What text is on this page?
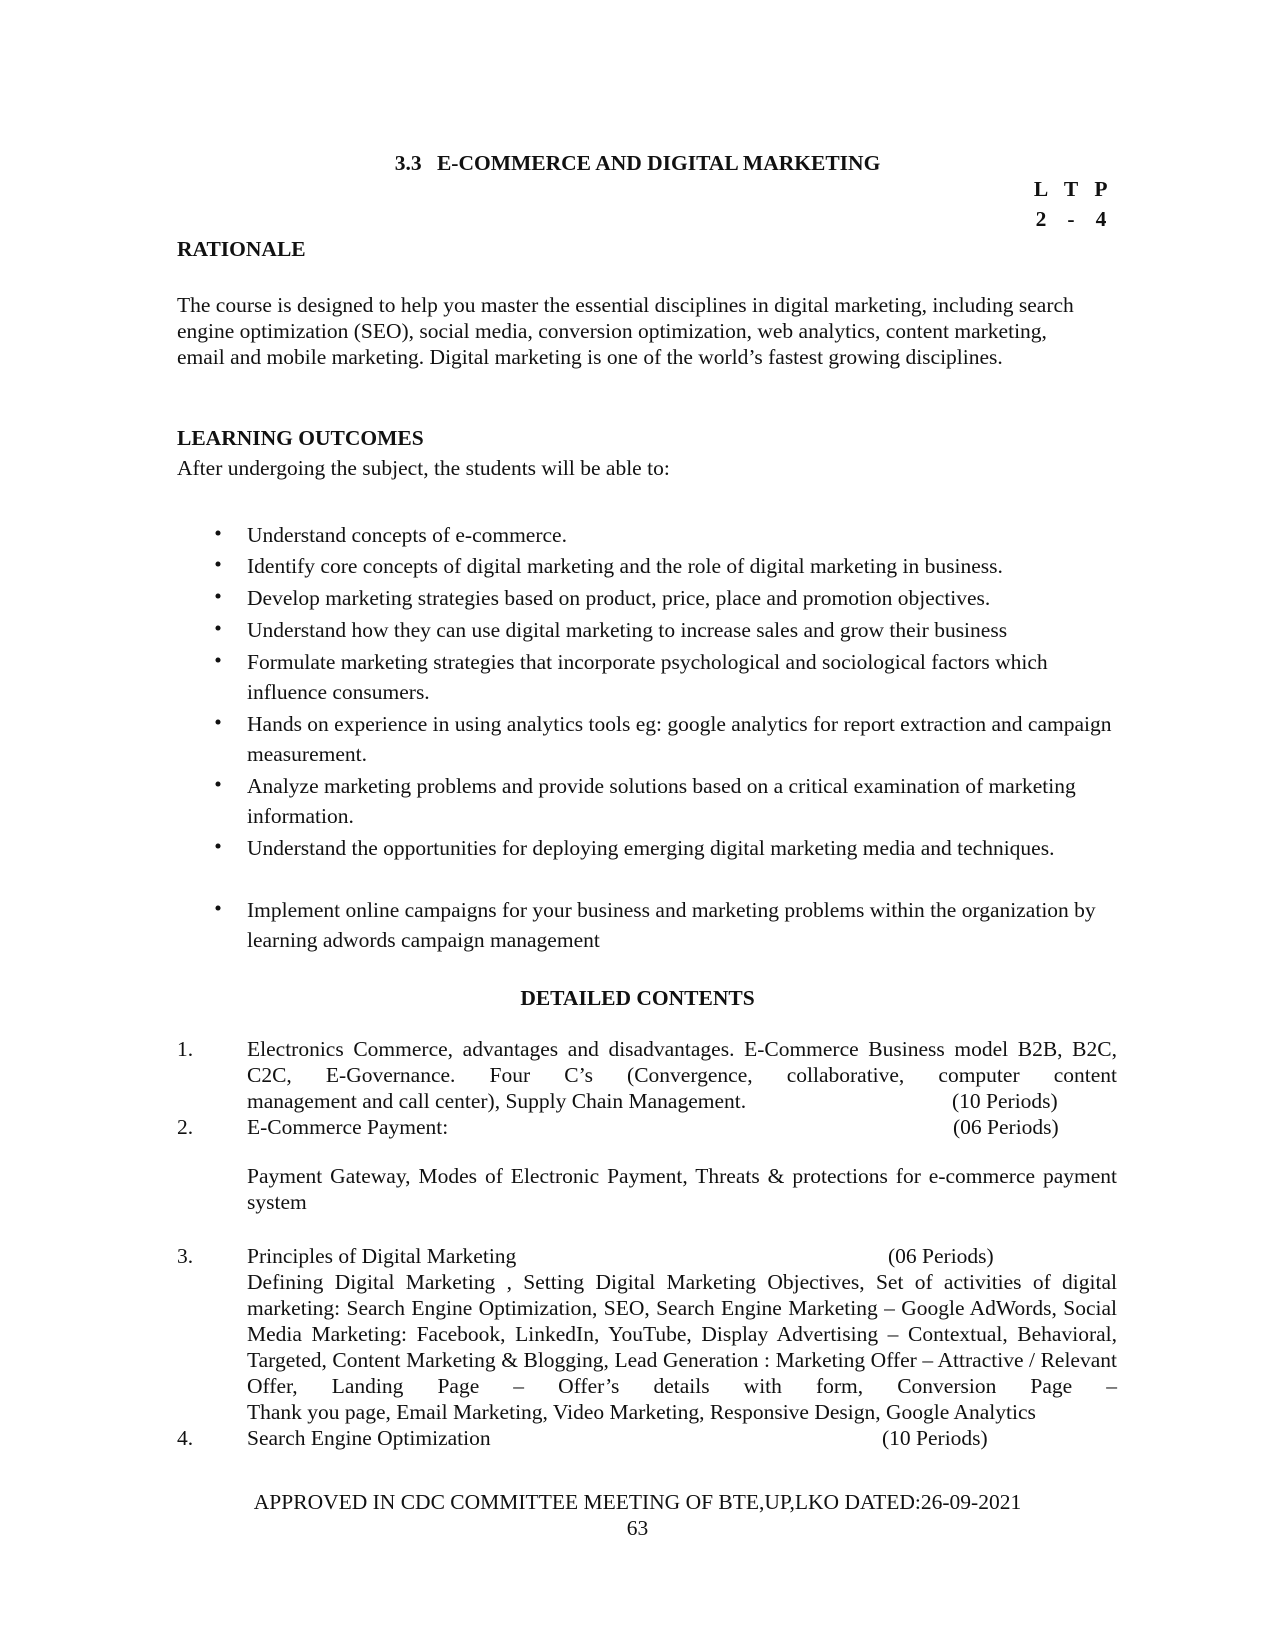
3.3 E-COMMERCE AND DIGITAL MARKETING
L T P
2 - 4
RATIONALE
The course is designed to help you master the essential disciplines in digital marketing, including search engine optimization (SEO), social media, conversion optimization, web analytics, content marketing, email and mobile marketing. Digital marketing is one of the world’s fastest growing disciplines.
LEARNING OUTCOMES
After undergoing the subject, the students will be able to:
• Understand concepts of e-commerce.
• Identify core concepts of digital marketing and the role of digital marketing in business.
• Develop marketing strategies based on product, price, place and promotion objectives.
• Understand how they can use digital marketing to increase sales and grow their business
• Formulate marketing strategies that incorporate psychological and sociological factors which influence consumers.
• Hands on experience in using analytics tools eg: google analytics for report extraction and campaign measurement.
• Analyze marketing problems and provide solutions based on a critical examination of marketing information.
• Understand the opportunities for deploying emerging digital marketing media and techniques.
• Implement online campaigns for your business and marketing problems within the organization by learning adwords campaign management
DETAILED CONTENTS
1.	Electronics Commerce, advantages and disadvantages. E-Commerce Business model B2B, B2C, C2C, E-Governance. Four C’s (Convergence, collaborative, computer content
management and call center), Supply Chain Management.	(10 Periods)
2.	E-Commerce Payment:	(06 Periods)
Payment Gateway, Modes of Electronic Payment, Threats & protections for e-commerce payment system
3.	Principles of Digital Marketing	(06 Periods)
Defining Digital Marketing , Setting Digital Marketing Objectives, Set of activities of digital marketing: Search Engine Optimization, SEO, Search Engine Marketing – Google AdWords, Social Media Marketing: Facebook, LinkedIn, YouTube, Display Advertising – Contextual, Behavioral, Targeted, Content Marketing & Blogging, Lead Generation : Marketing Offer – Attractive / Relevant Offer, Landing Page – Offer’s details with form, Conversion Page –
Thank you page, Email Marketing, Video Marketing, Responsive Design, Google Analytics
4.	Search Engine Optimization	(10 Periods)
APPROVED IN CDC COMMITTEE MEETING OF BTE,UP,LKO DATED:26-09-2021
63
